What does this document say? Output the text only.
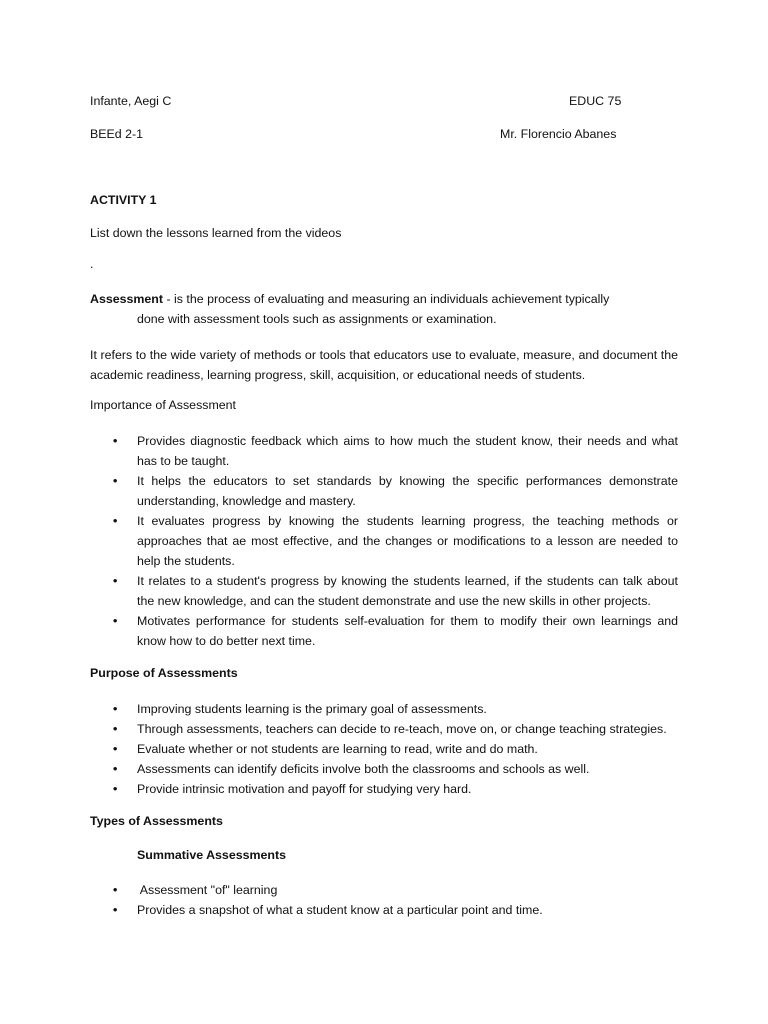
Infante, Aegi C	EDUC 75
BEEd 2-1	Mr. Florencio Abanes
ACTIVITY 1
List down the lessons learned from the videos
.
Assessment - is the process of evaluating and measuring an individuals achievement typically
done with assessment tools such as assignments or examination.
It refers to the wide variety of methods or tools that educators use to evaluate, measure, and document the academic readiness, learning progress, skill, acquisition, or educational needs of students.
Importance of Assessment
• Provides diagnostic feedback which aims to how much the student know, their needs and what has to be taught.
• It helps the educators to set standards by knowing the specific performances demonstrate understanding, knowledge and mastery.
• It evaluates progress by knowing the students learning progress, the teaching methods or approaches that ae most effective, and the changes or modifications to a lesson are needed to help the students.
• It relates to a student's progress by knowing the students learned, if the students can talk about the new knowledge, and can the student demonstrate and use the new skills in other projects.
• Motivates performance for students self-evaluation for them to modify their own learnings and know how to do better next time.
Purpose of Assessments
• Improving students learning is the primary goal of assessments.
• Through assessments, teachers can decide to re-teach, move on, or change teaching strategies.
• Evaluate whether or not students are learning to read, write and do math.
• Assessments can identify deficits involve both the classrooms and schools as well.
• Provide intrinsic motivation and payoff for studying very hard.
Types of Assessments
Summative Assessments
• Assessment "of" learning
• Provides a snapshot of what a student know at a particular point and time.
